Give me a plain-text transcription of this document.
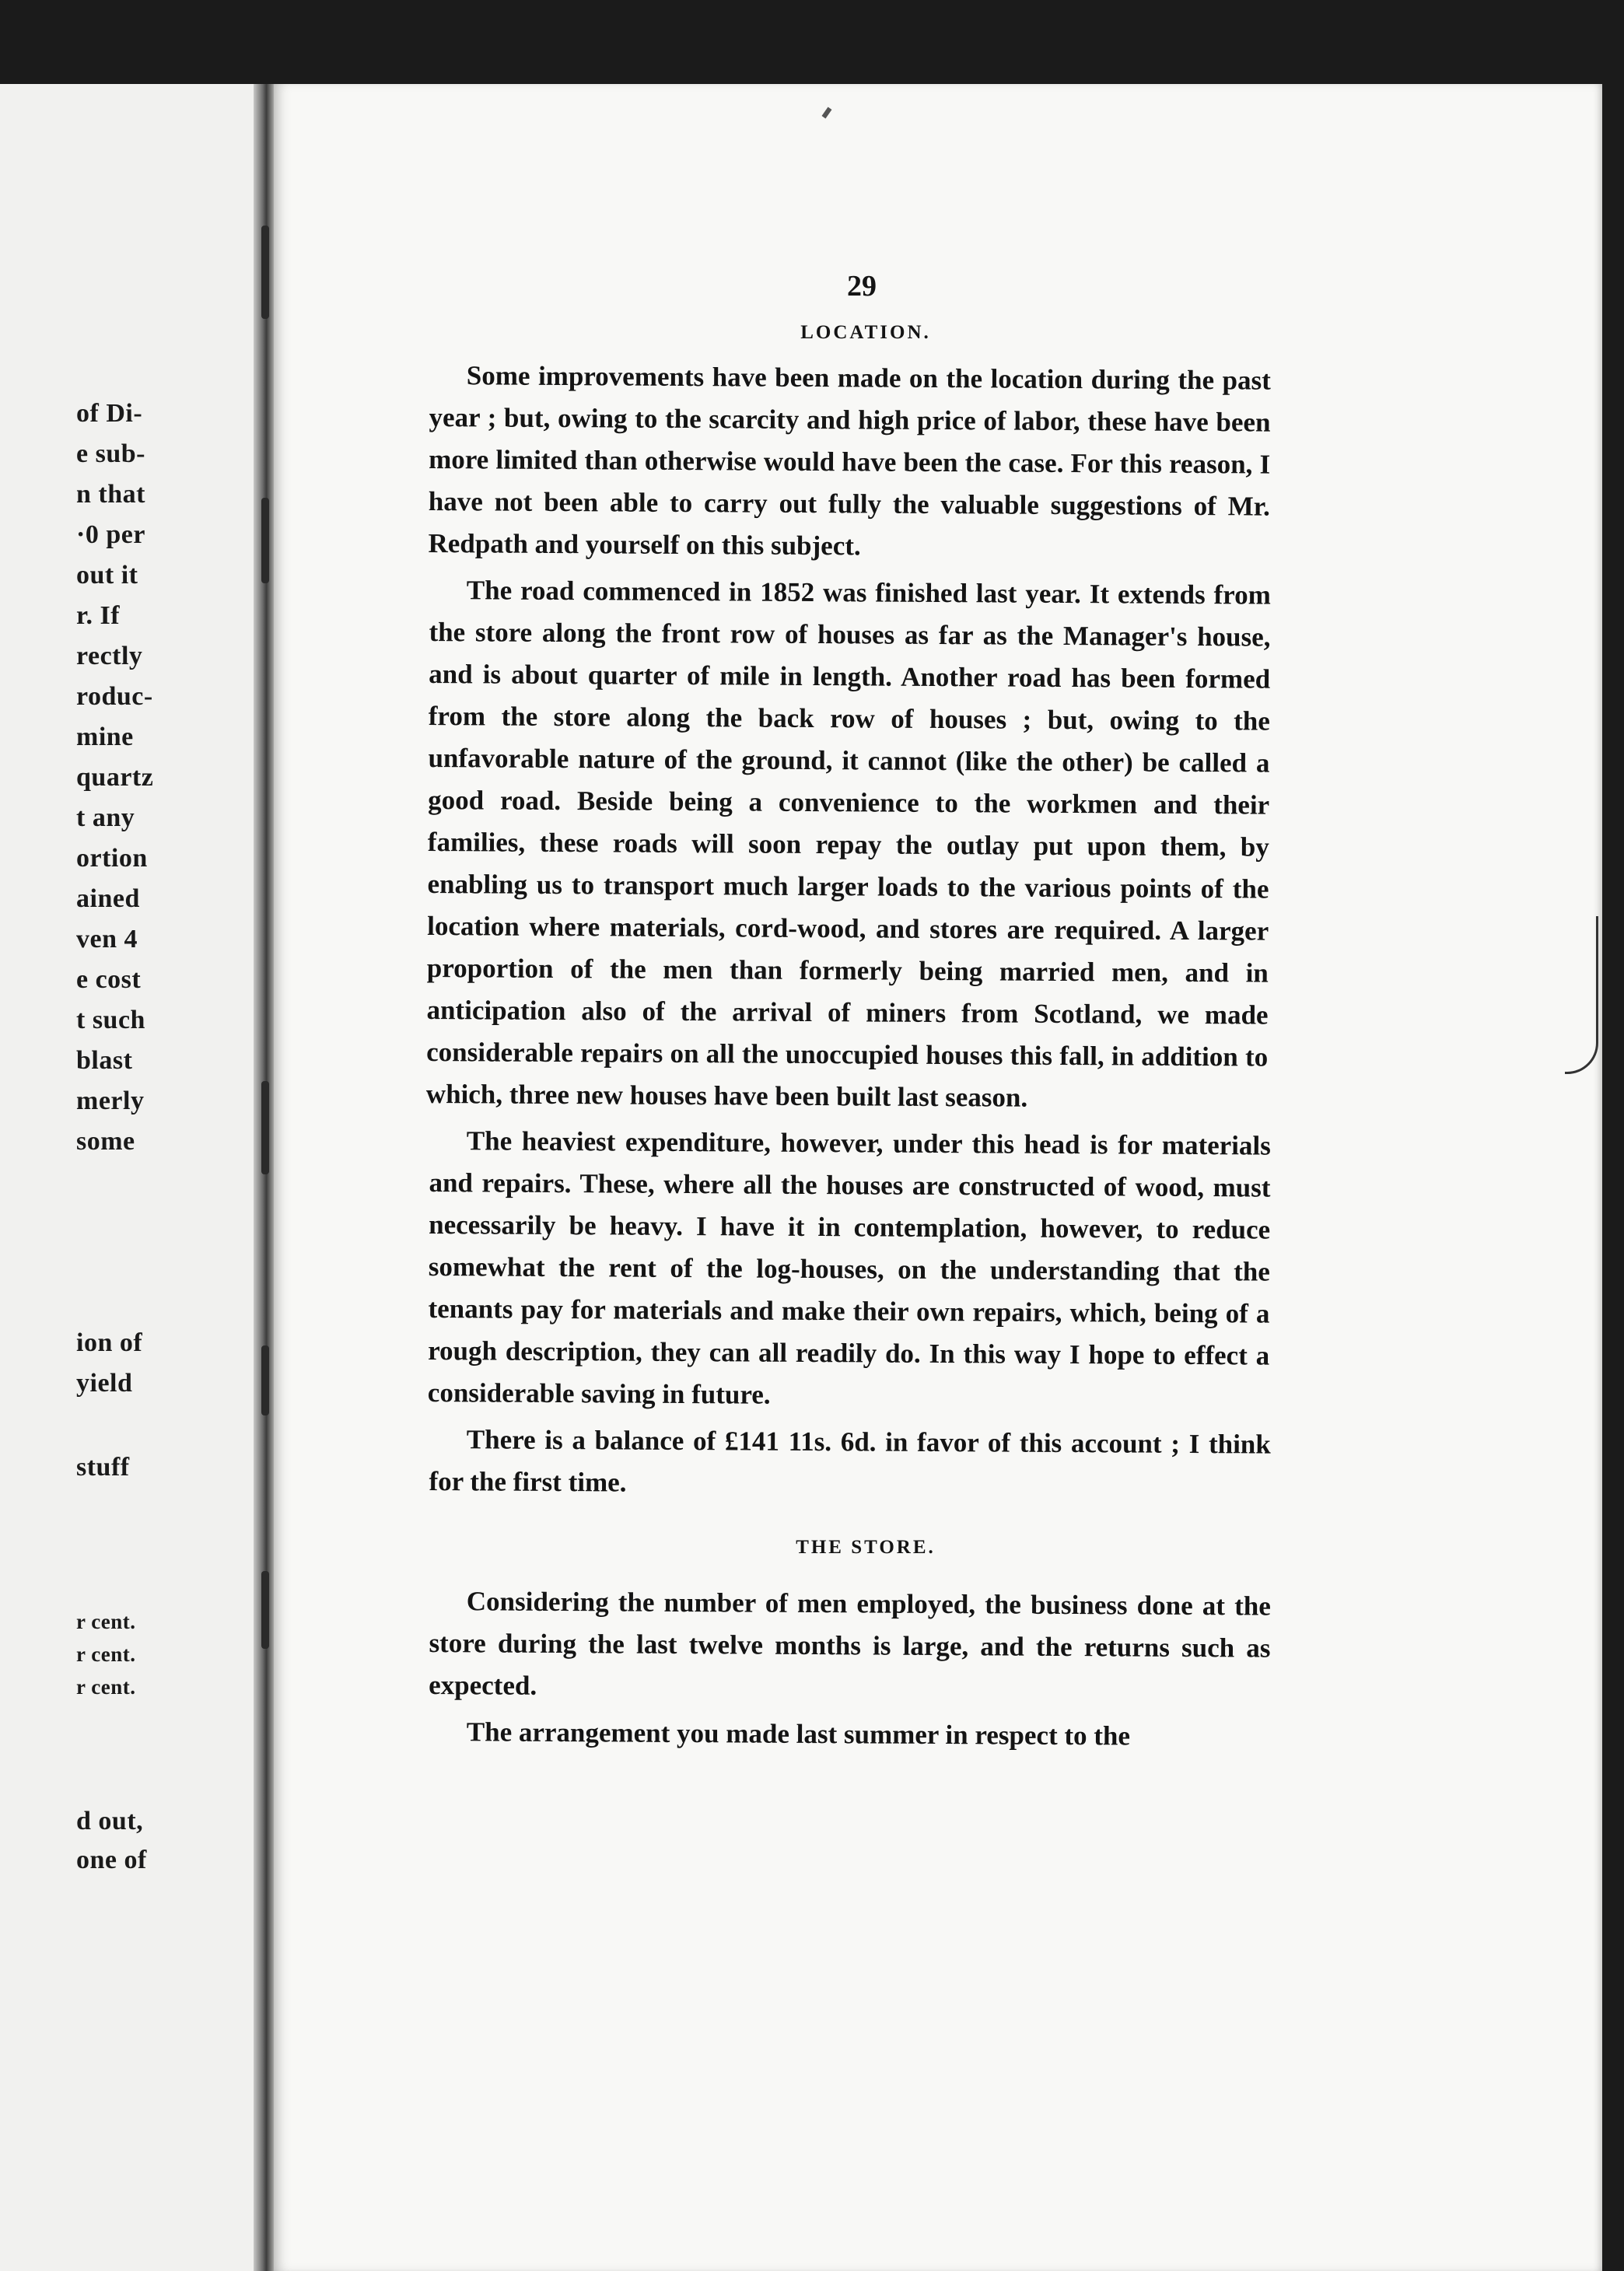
of Di-
e sub-
n that
·0 per
out it
r. If
rectly
roduc-
mine
quartz
t any
ortion
ained
ven 4
e cost
t such
blast
merly
some
ion of
yield
stuff
r cent.
r cent.
r cent.
d out,
one of
29
LOCATION.

Some improvements have been made on the location during the past year ; but, owing to the scarcity and high price of labor, these have been more limited than otherwise would have been the case. For this reason, I have not been able to carry out fully the valuable suggestions of Mr. Redpath and yourself on this subject.

The road commenced in 1852 was finished last year. It extends from the store along the front row of houses as far as the Manager's house, and is about quarter of mile in length. Another road has been formed from the store along the back row of houses ; but, owing to the unfavorable nature of the ground, it cannot (like the other) be called a good road. Beside being a convenience to the workmen and their families, these roads will soon repay the outlay put upon them, by enabling us to transport much larger loads to the various points of the location where materials, cord-wood, and stores are required. A larger proportion of the men than formerly being married men, and in anticipation also of the arrival of miners from Scotland, we made considerable repairs on all the unoccupied houses this fall, in addition to which, three new houses have been built last season.

The heaviest expenditure, however, under this head is for materials and repairs. These, where all the houses are constructed of wood, must necessarily be heavy. I have it in contemplation, however, to reduce somewhat the rent of the log-houses, on the understanding that the tenants pay for materials and make their own repairs, which, being of a rough description, they can all readily do. In this way I hope to effect a considerable saving in future.

There is a balance of £141 11s. 6d. in favor of this account ; I think for the first time.

THE STORE.

Considering the number of men employed, the business done at the store during the last twelve months is large, and the returns such as expected.

The arrangement you made last summer in respect to the
